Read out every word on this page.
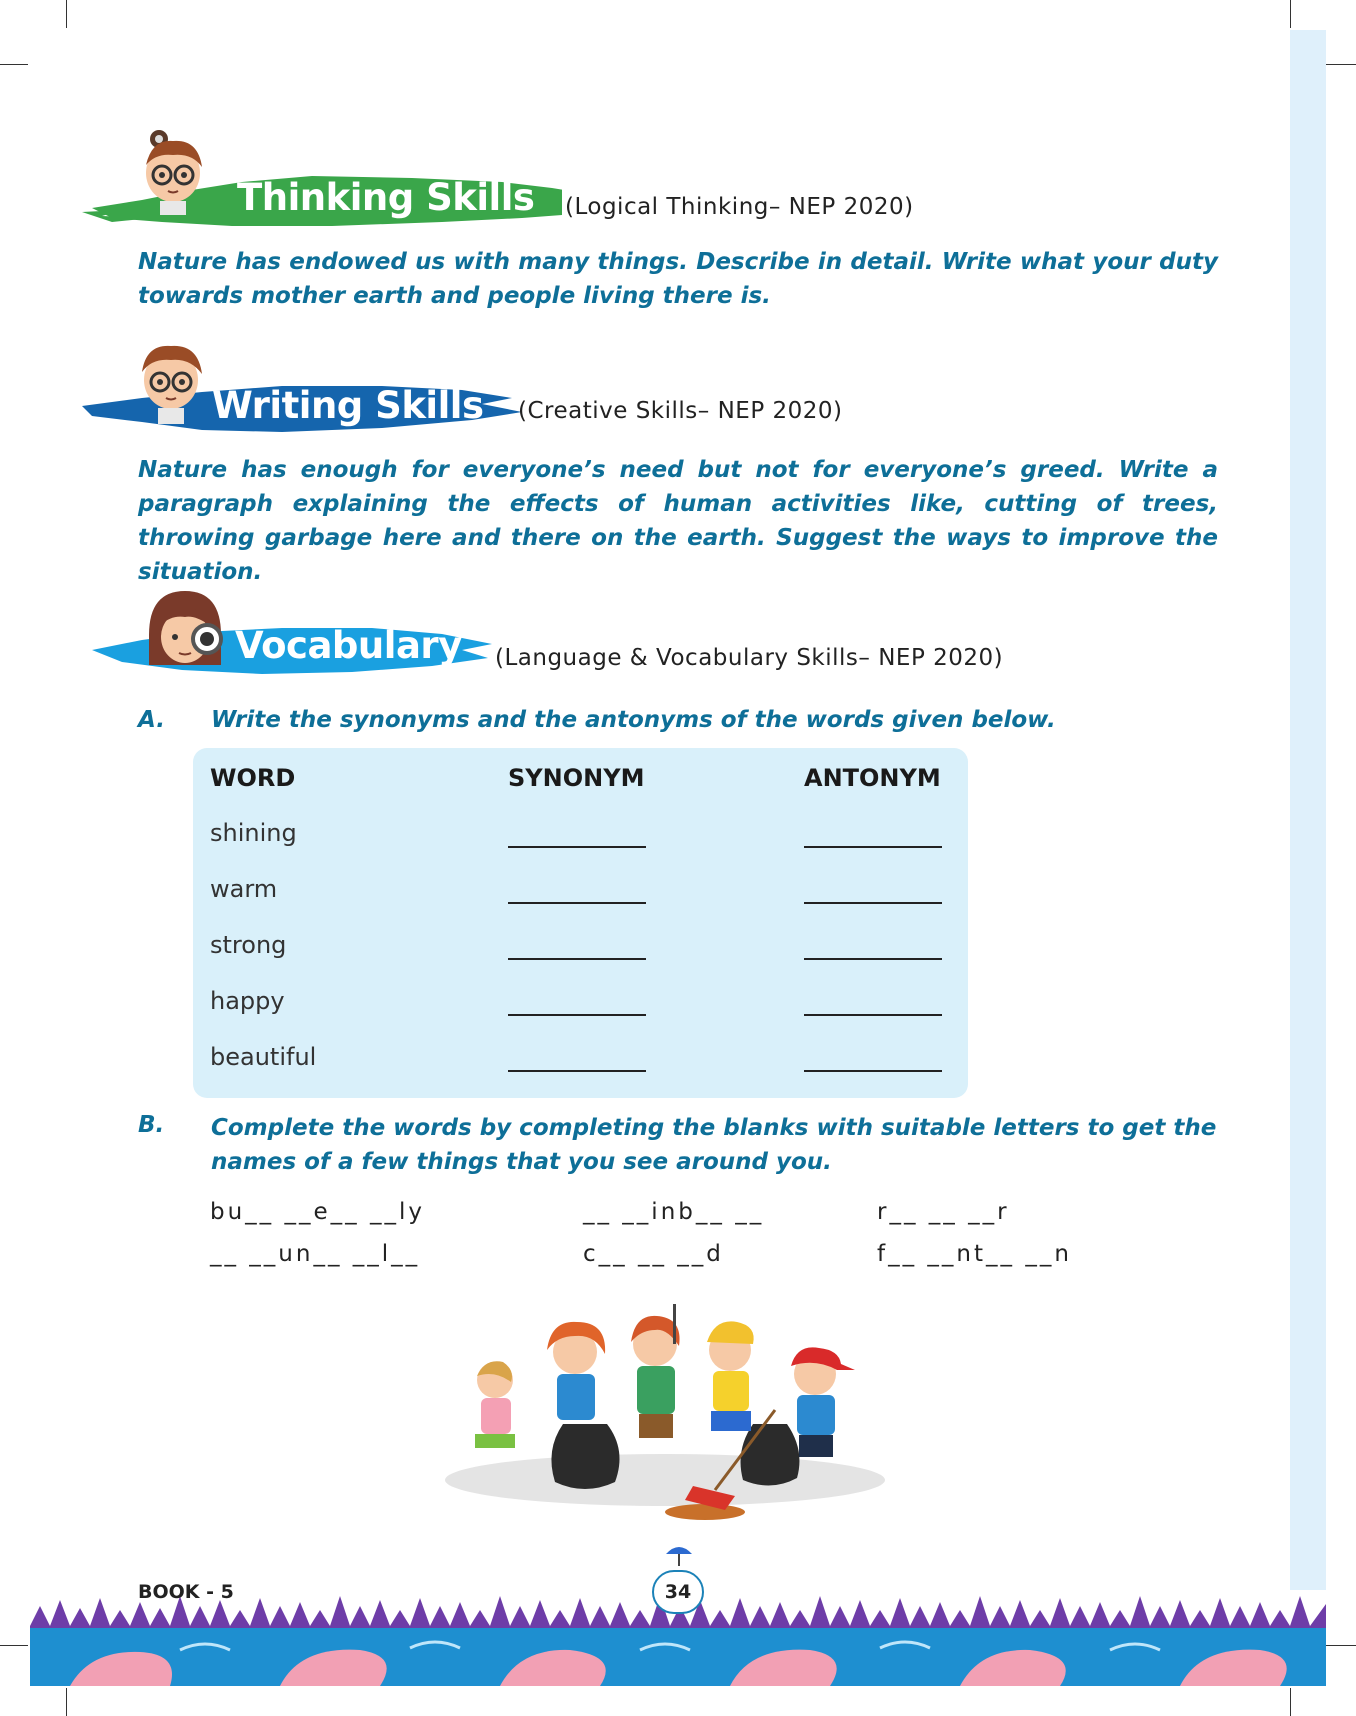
Thinking Skills (Logical Thinking– NEP 2020)
Nature has endowed us with many things. Describe in detail. Write what your duty towards mother earth and people living there is.
Writing Skills (Creative Skills– NEP 2020)
Nature has enough for everyone’s need but not for everyone’s greed. Write a paragraph explaining the effects of human activities like, cutting of trees, throwing garbage here and there on the earth. Suggest the ways to improve the situation.
Vocabulary (Language & Vocabulary Skills– NEP 2020)
A. Write the synonyms and the antonyms of the words given below.
WORD	SYNONYM	ANTONYM
shining
warm
strong
happy
beautiful
B. Complete the words by completing the blanks with suitable letters to get the names of a few things that you see around you.
bu__ __e__ __ly	__ __inb__ __	r__ __ __r
__ __un__ __l__	c__ __ __d	f__ __nt__ __n
BOOK - 5	34
